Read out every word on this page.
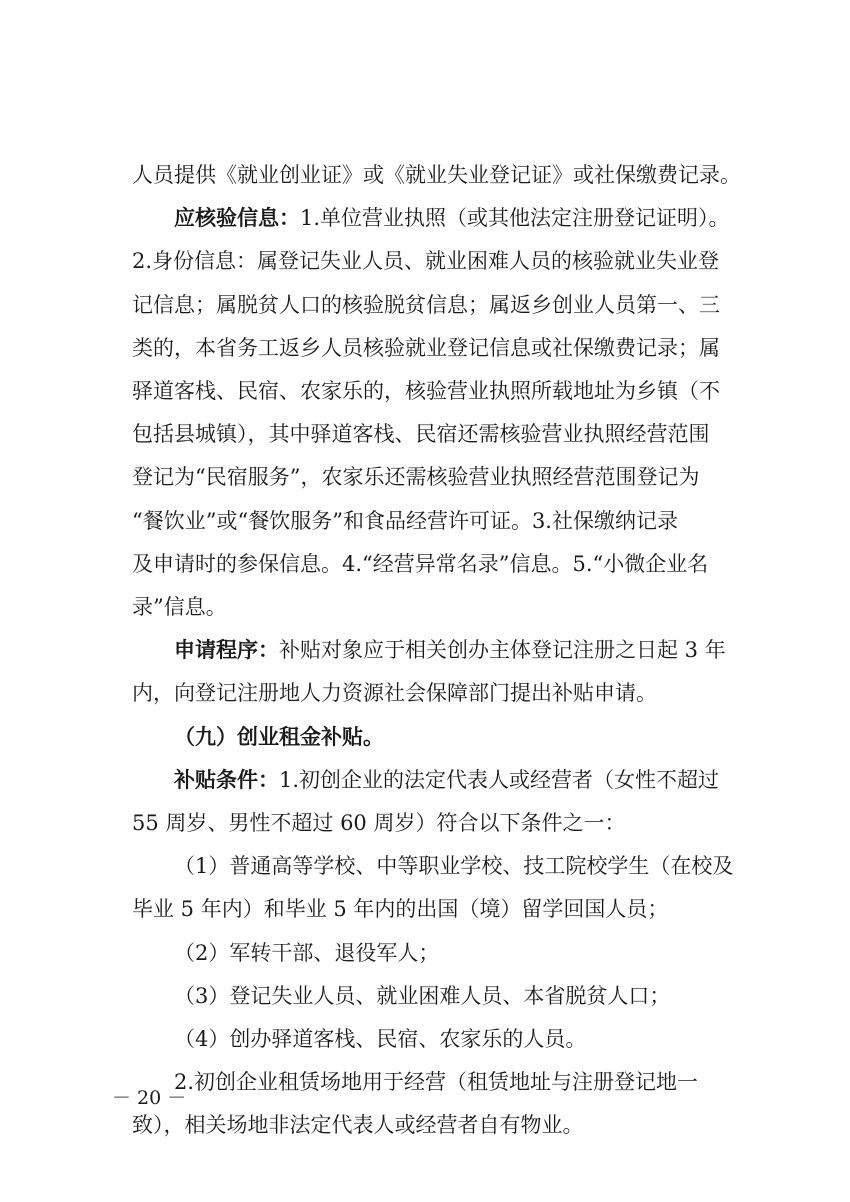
人员提供《就业创业证》或《就业失业登记证》或社保缴费记录。
应核验信息：1.单位营业执照（或其他法定注册登记证明）。
2.身份信息：属登记失业人员、就业困难人员的核验就业失业登
记信息；属脱贫人口的核验脱贫信息；属返乡创业人员第一、三
类的，本省务工返乡人员核验就业登记信息或社保缴费记录；属
驿道客栈、民宿、农家乐的，核验营业执照所载地址为乡镇（不
包括县城镇），其中驿道客栈、民宿还需核验营业执照经营范围
登记为“民宿服务”，农家乐还需核验营业执照经营范围登记为
“餐饮业”或“餐饮服务”和食品经营许可证。3.社保缴纳记录
及申请时的参保信息。4.“经营异常名录”信息。5.“小微企业名
录”信息。
申请程序：补贴对象应于相关创办主体登记注册之日起 3 年
内，向登记注册地人力资源社会保障部门提出补贴申请。
（九）创业租金补贴。
补贴条件：1.初创企业的法定代表人或经营者（女性不超过
55 周岁、男性不超过 60 周岁）符合以下条件之一：
（1）普通高等学校、中等职业学校、技工院校学生（在校及
毕业 5 年内）和毕业 5 年内的出国（境）留学回国人员；
（2）军转干部、退役军人；
（3）登记失业人员、就业困难人员、本省脱贫人口；
（4）创办驿道客栈、民宿、农家乐的人员。
2.初创企业租赁场地用于经营（租赁地址与注册登记地一
致），相关场地非法定代表人或经营者自有物业。
－ 20 －
